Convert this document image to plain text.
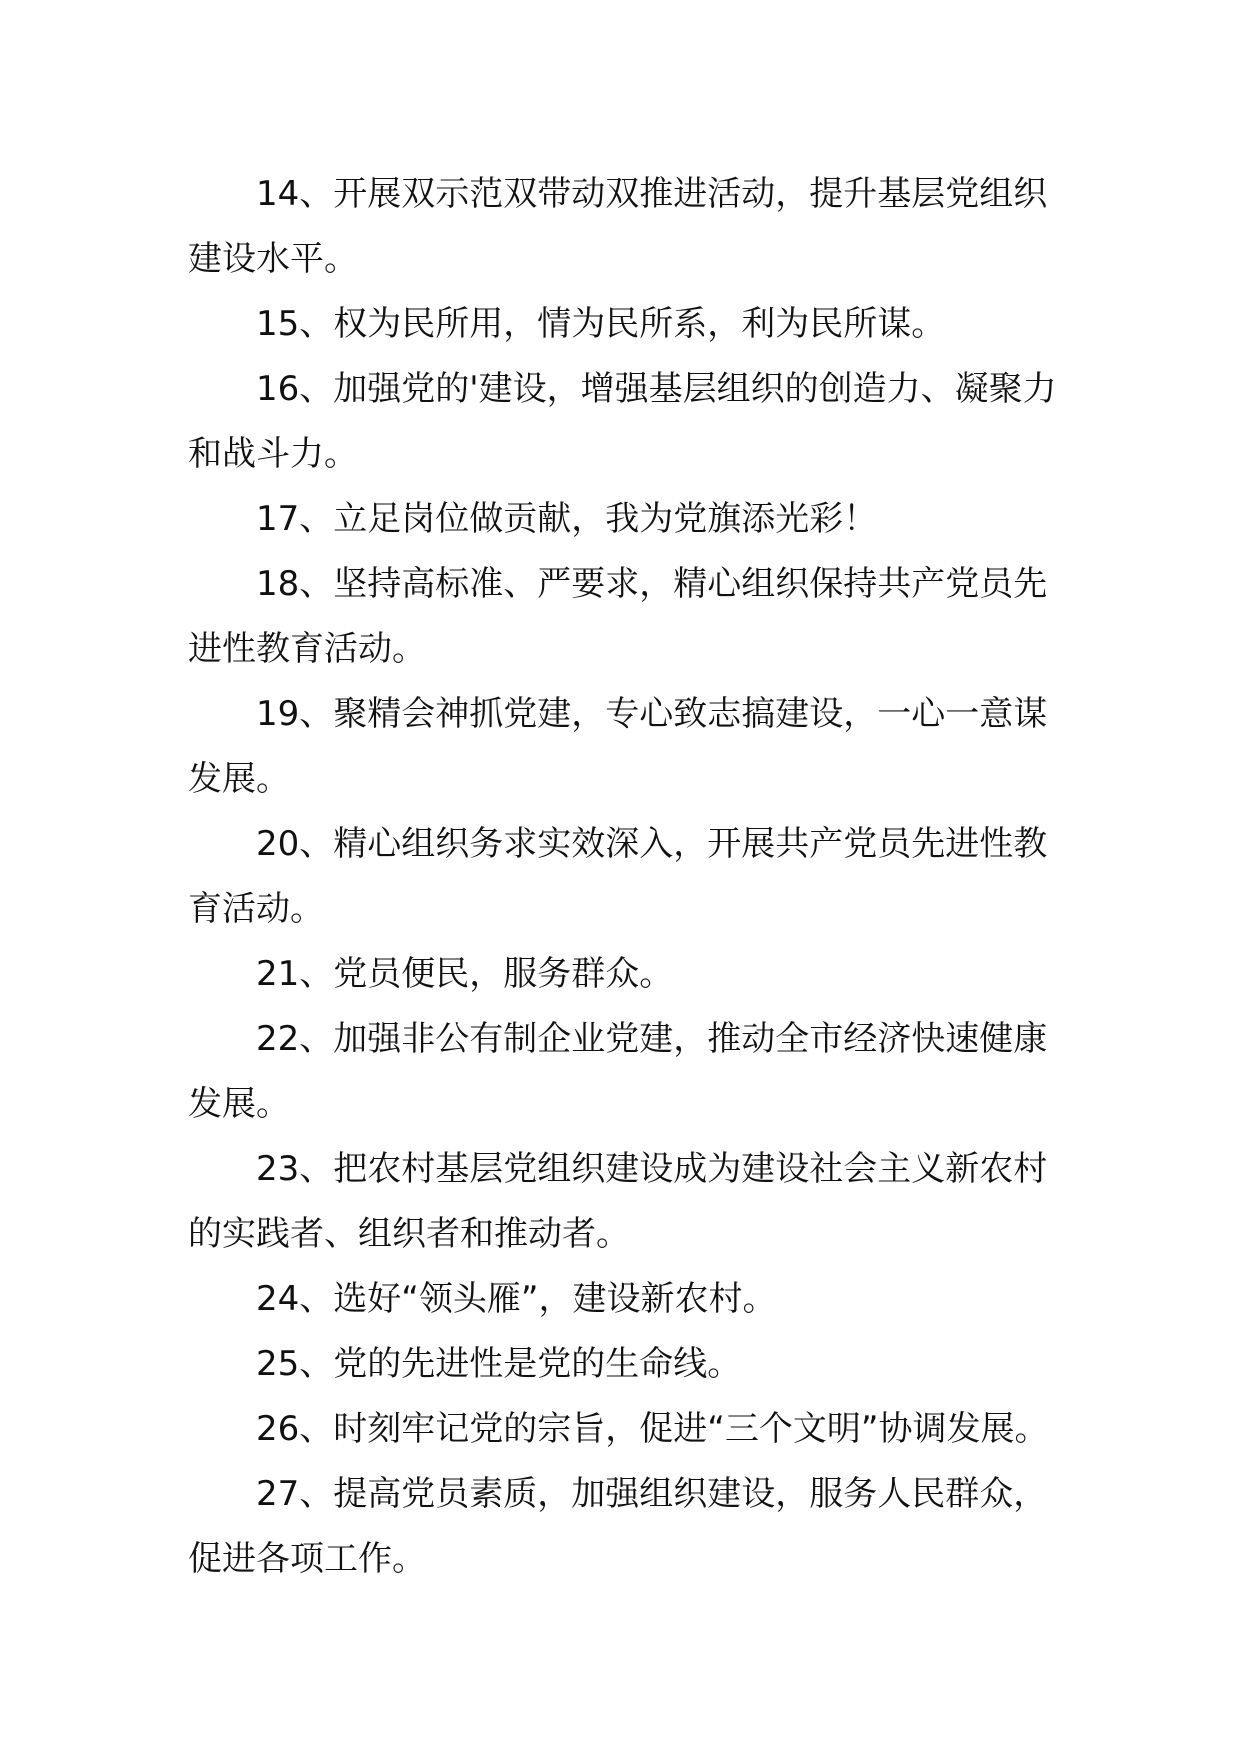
14、开展双示范双带动双推进活动，提升基层党组织建设水平。

15、权为民所用，情为民所系，利为民所谋。

16、加强党的'建设，增强基层组织的创造力、凝聚力和战斗力。

17、立足岗位做贡献，我为党旗添光彩！

18、坚持高标准、严要求，精心组织保持共产党员先进性教育活动。

19、聚精会神抓党建，专心致志搞建设，一心一意谋发展。

20、精心组织务求实效深入，开展共产党员先进性教育活动。

21、党员便民，服务群众。

22、加强非公有制企业党建，推动全市经济快速健康发展。

23、把农村基层党组织建设成为建设社会主义新农村的实践者、组织者和推动者。

24、选好“领头雁”，建设新农村。

25、党的先进性是党的生命线。

26、时刻牢记党的宗旨，促进“三个文明”协调发展。

27、提高党员素质，加强组织建设，服务人民群众，促进各项工作。
